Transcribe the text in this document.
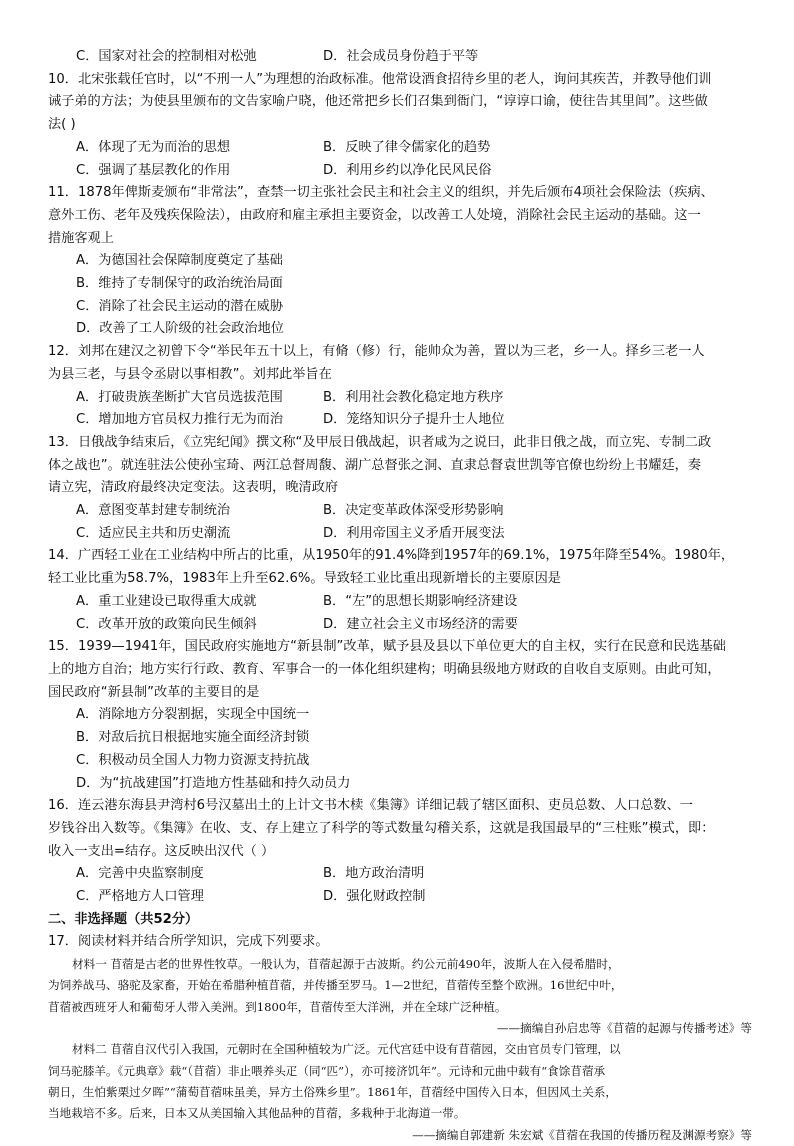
C．国家对社会的控制相对松弛	D．社会成员身份趋于平等
10．北宋张载任官时，以“不刑一人”为理想的治政标准。他常设酒食招待乡里的老人，询问其疾苦，并教导他们训
诫子弟的方法；为使县里颁布的文告家喻户晓，他还常把乡长们召集到衙门，“谆谆口谕，使往告其里闾”。这些做
法( )
A．体现了无为而治的思想	B．反映了律令儒家化的趋势
C．强调了基层教化的作用	D．利用乡约以净化民风民俗
11．1878年俾斯麦颁布“非常法”，查禁一切主张社会民主和社会主义的组织，并先后颁布4项社会保险法（疾病、
意外工伤、老年及残疾保险法），由政府和雇主承担主要资金，以改善工人处境，消除社会民主运动的基础。这一
措施客观上
A．为德国社会保障制度奠定了基础
B．维持了专制保守的政治统治局面
C．消除了社会民主运动的潜在威胁
D．改善了工人阶级的社会政治地位
12．刘邦在建汉之初曾下令“举民年五十以上，有脩（修）行，能帅众为善，置以为三老，乡一人。择乡三老一人
为县三老，与县令丞尉以事相教”。刘邦此举旨在
A．打破贵族垄断扩大官员选拔范围	B．利用社会教化稳定地方秩序
C．增加地方官员权力推行无为而治	D．笼络知识分子提升士人地位
13．日俄战争结束后，《立宪纪闻》撰文称“及甲辰日俄战起，识者咸为之说曰，此非日俄之战，而立宪、专制二政
体之战也”。就连驻法公使孙宝琦、两江总督周馥、湖广总督张之洞、直隶总督袁世凯等官僚也纷纷上书耀廷，奏
请立宪，清政府最终决定变法。这表明，晚清政府
A．意图变革封建专制统治	B．决定变革政体深受形势影响
C．适应民主共和历史潮流	D．利用帝国主义矛盾开展变法
14．广西轻工业在工业结构中所占的比重，从1950年的91.4%降到1957年的69.1%，1975年降至54%。1980年，
轻工业比重为58.7%，1983年上升至62.6%。导致轻工业比重出现新增长的主要原因是
A．重工业建设已取得重大成就	B．“左”的思想长期影响经济建设
C．改革开放的政策向民生倾斜	D．建立社会主义市场经济的需要
15．1939—1941年，国民政府实施地方“新县制”改革，赋予县及县以下单位更大的自主权，实行在民意和民选基础
上的地方自治；地方实行行政、教育、军事合一的一体化组织建构；明确县级地方财政的自收自支原则。由此可知，
国民政府“新县制”改革的主要目的是
A．消除地方分裂割据，实现全中国统一
B．对敌后抗日根据地实施全面经济封锁
C．积极动员全国人力物力资源支持抗战
D．为“抗战建国”打造地方性基础和持久动员力
16．连云港东海县尹湾村6号汉墓出土的上计文书木椟《集簿》详细记载了辖区面积、吏员总数、人口总数、一
岁钱谷出入数等。《集簿》在收、支、存上建立了科学的等式数量勾稽关系，这就是我国最早的“三柱账”模式，即：
收入一支出=结存。这反映出汉代（ ）
A．完善中央监察制度	B．地方政治清明
C．严格地方人口管理	D．强化财政控制
二、非选择题（共52分）
17．阅读材料并结合所学知识，完成下列要求。
材料一 苜蓿是古老的世界性牧草。一般认为，苜蓿起源于古波斯。约公元前490年，波斯人在入侵希腊时，
为饲养战马、骆驼及家畜，开始在希腊种植苜蓿，并传播至罗马。1—2世纪，苜蓿传至整个欧洲。16世纪中叶，
苜蓿被西班牙人和葡萄牙人带入美洲。到1800年，苜蓿传至大洋洲，并在全球广泛种植。
——摘编自孙启忠等《苜蓿的起源与传播考述》等
材料二 苜蓿自汉代引入我国，元朝时在全国种植较为广泛。元代宫廷中设有苜蓿园，交由官员专门管理，以
饲马驼膝羊。《元典章》载“（苜蓿）非止喂养头疋（同“匹”），亦可接济饥年”。元诗和元曲中载有“食馀苜蓿承
朝日，生怕紫栗过夕晖”“蒲萄苜蓿味虽美，异方土俗殊乡里”。1861年，苜蓿经中国传入日本，但因风土关系，
当地栽培不多。后来，日本又从美国输入其他品种的苜蓿，多栽种于北海道一带。
——摘编自郭建新 朱宏斌《苜蓿在我国的传播历程及渊源考察》等
